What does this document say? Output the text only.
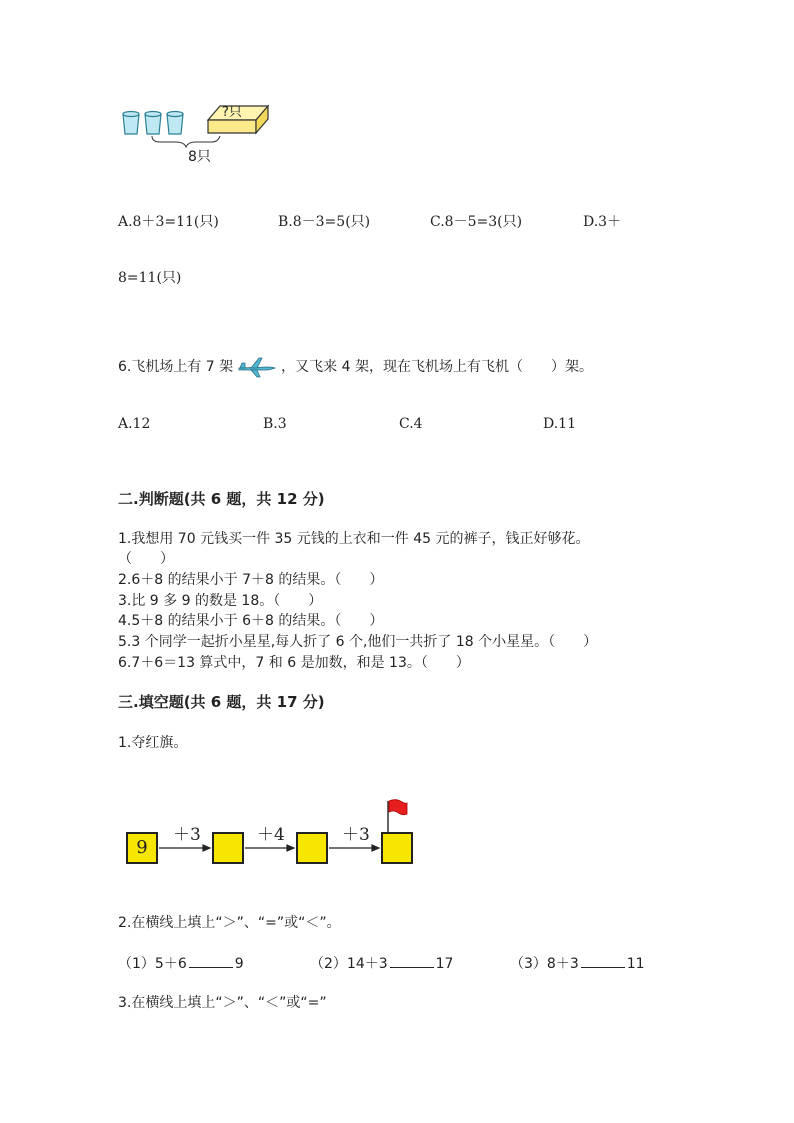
?只
8只
A.8＋3=11(只)	B.8－3=5(只)	C.8－5=3(只)	D.3＋
8=11(只)
6.飞机场上有 7 架	，又飞来 4 架，现在飞机场上有飞机（　　）架。
A.12	B.3	C.4	D.11
二.判断题(共 6 题，共 12 分)
1.我想用 70 元钱买一件 35 元钱的上衣和一件 45 元的裤子，钱正好够花。
（　　）
2.6＋8 的结果小于 7＋8 的结果。（　　）
3.比 9 多 9 的数是 18。（　　）
4.5＋8 的结果小于 6＋8 的结果。（　　）
5.3 个同学一起折小星星,每人折了 6 个,他们一共折了 18 个小星星。（　　）
6.7＋6＝13 算式中，7 和 6 是加数，和是 13。（　　）
三.填空题(共 6 题，共 17 分)
1.夺红旗。
9
＋3	＋4	＋3
2.在横线上填上“＞”、“=”或“＜”。
（1）5＋6	9	（2）14＋3	17	（3）8＋3	11
3.在横线上填上“＞”、“＜”或“=”
